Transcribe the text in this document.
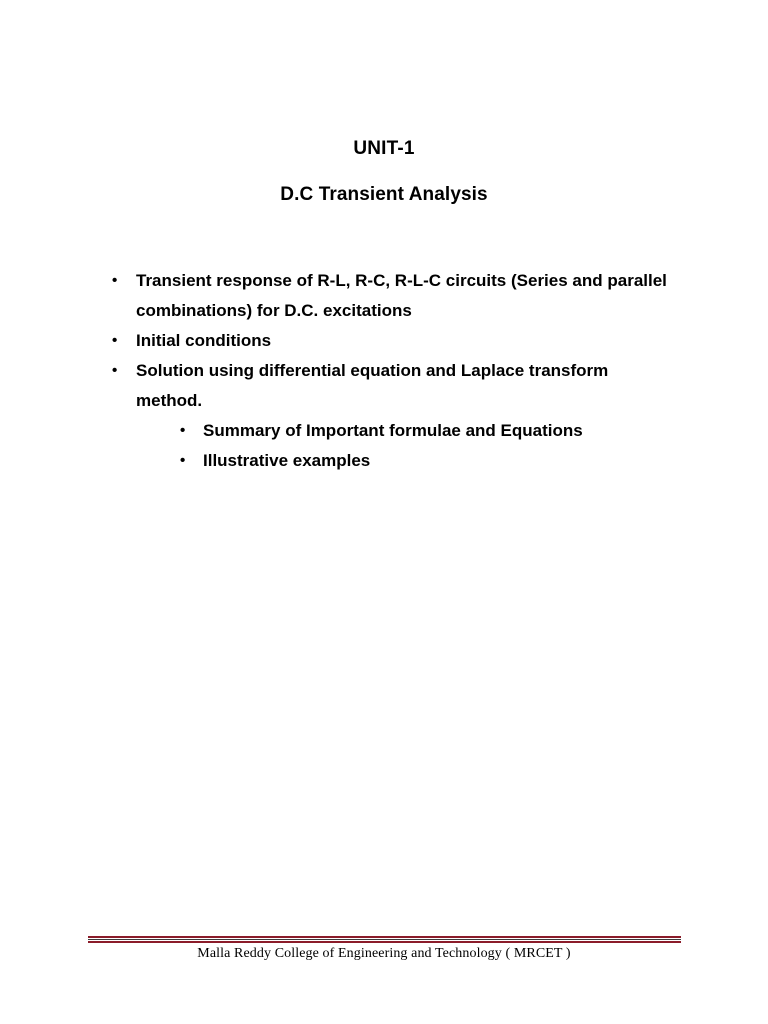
UNIT-1
D.C Transient Analysis
• Transient response of R-L, R-C, R-L-C circuits (Series and parallel combinations) for D.C. excitations
• Initial conditions
• Solution using differential equation and Laplace transform method.
• Summary of Important formulae and Equations
• Illustrative examples
Malla Reddy College of Engineering and Technology ( MRCET )
